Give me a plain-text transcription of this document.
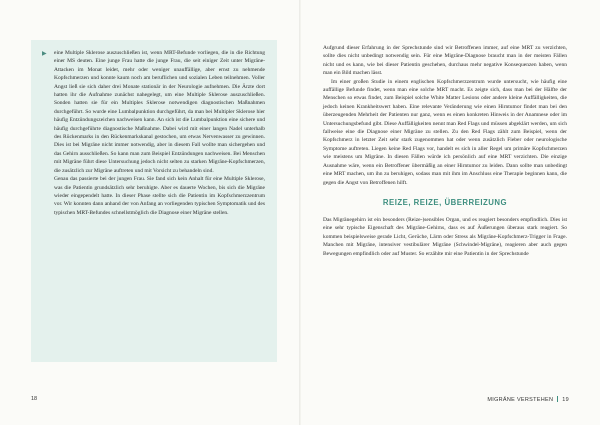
▶ eine Multiple Sklerose auszuschließen ist, wenn MRT-Befunde vorliegen, die in die Richtung einer MS deuten. Eine junge Frau hatte die junge Frau, die seit einiger Zeit unter Migräne-Attacken im Monat leidet, mehr oder weniger unauffällige, aber ernst zu nehmende Kopfschmerzen und konnte kaum noch am beruflichen und sozialen Leben teilnehmen. Voller Angst ließ sie sich daher drei Monate stationär in der Neurologie aufnehmen. Die Ärzte dort hatten ihr die Aufnahme zunächst nahegelegt, um eine Multiple Sklerose auszuschließen. Sonden hatten sie für ein Multiples Sklerose notwendigen diagnostischen Maßnahmen durchgeführt. So wurde eine Lumbalpunktion durchgeführt, da man bei Multipler Sklerose hier häufig Entzündungszeichen nachweisen kann. An sich ist die Lumbalpunktion eine sichere und häufig durchgeführte diagnostische Maßnahme. Dabei wird mit einer langen Nadel unterhalb des Rückenmarks in den Rückenmarkskanal gestochen, um etwas Nervenwasser zu gewinnen. Dies ist bei Migräne nicht immer notwendig, aber in diesem Fall wollte man sichergehen und das Gehirn ausschließen. So kann man zum Beispiel Entzündungen nachweisen. Bei Menschen mit Migräne führt diese Untersuchung jedoch nicht selten zu starken Migräne-Kopfschmerzen, die zusätzlich zur Migräne auftreten und mit Vorsicht zu behandeln sind.

Genau das passierte bei der jungen Frau. Sie fand sich kein Anhalt für eine Multiple Sklerose, was die Patientin grundsätzlich sehr beruhigte. Aber es dauerte Wochen, bis sich die Migräne wieder eingependelt hatte. In dieser Phase stellte sich die Patientin im Kopfschmerzzentrum vor. Wir konnten dann anhand der von Anfang an vorliegenden typischen Symptomatik und des typischen MRT-Befundes schnellstmöglich die Diagnose einer Migräne stellen.

18

Aufgrund dieser Erfahrung in der Sprechstunde sind wir Betroffenen immer, auf eine MRT zu verzichten, sollte dies nicht unbedingt notwendig sein. Für eine Migräne-Diagnose braucht man in der meisten Fällen nicht und es kann, wie bei dieser Patientin geschehen, durchaus mehr negative Konsequenzen haben, wenn man ein Bild machen lässt.

Im einer großen Studie in einem englischen Kopfschmerzzentrum wurde untersucht, wie häufig eine auffällige Befunde findet, wenn man eine solche MRT macht. Es zeigte sich, dass man bei der Hälfte der Menschen so etwas findet, zum Beispiel solche White Matter Lesions oder andere kleine Auffälligkeiten, die jedoch keinen Krankheitswert haben. Eine relevante Veränderung wie einen Hirntumor findet man bei den überzeugenden Mehrheit der Patienten nur ganz, wenn es einen konkreten Hinweis in der Anamnese oder im Untersuchungsbefund gibt. Diese Auffälligkeiten nennt man Red Flags und müssen abgeklärt werden, um sich fallweise eine die Diagnose einer Migräne zu stellen. Zu den Red Flags zählt zum Beispiel, wenn der Kopfschmerz in letzter Zeit sehr stark zugenommen hat oder wenn zusätzlich Fieber oder neurologische Symptome auftreten. Liegen keine Red Flags vor, handelt es sich in aller Regel um primäre Kopfschmerzen wie meistens um Migräne. In diesen Fällen würde ich persönlich auf eine MRT verzichten. Die einzige Ausnahme wäre, wenn ein Betroffener übermäßig an einer Hirntumor zu leiden. Dann sollte man unbedingt eine MRT machen, um ihn zu beruhigen, sodass man mit ihm im Anschluss eine Therapie beginnen kann, die gegen die Angst von Betroffenen hilft.

REIZE, REIZE, ÜBERREIZUNG

Das Migränegehirn ist ein besonders (Reize-)sensibles Organ, und es reagiert besonders empfindlich. Dies ist eine sehr typische Eigenschaft des Migräne-Gehirns, dass es auf Äußerungen überaus stark reagiert. So kommen beispielsweise gerade Licht, Gerüche, Lärm oder Stress als Migräne-Kopfschmerz-Trigger in Frage. Manchen mit Migräne, intensiver vestibulärer Migräne (Schwindel-Migräne), reagieren aber auch gegen Bewegungen empfindlich oder auf Muster. So erzählte mir eine Patientin in der Sprechstunde

MIGRÄNE VERSTEHEN 19
